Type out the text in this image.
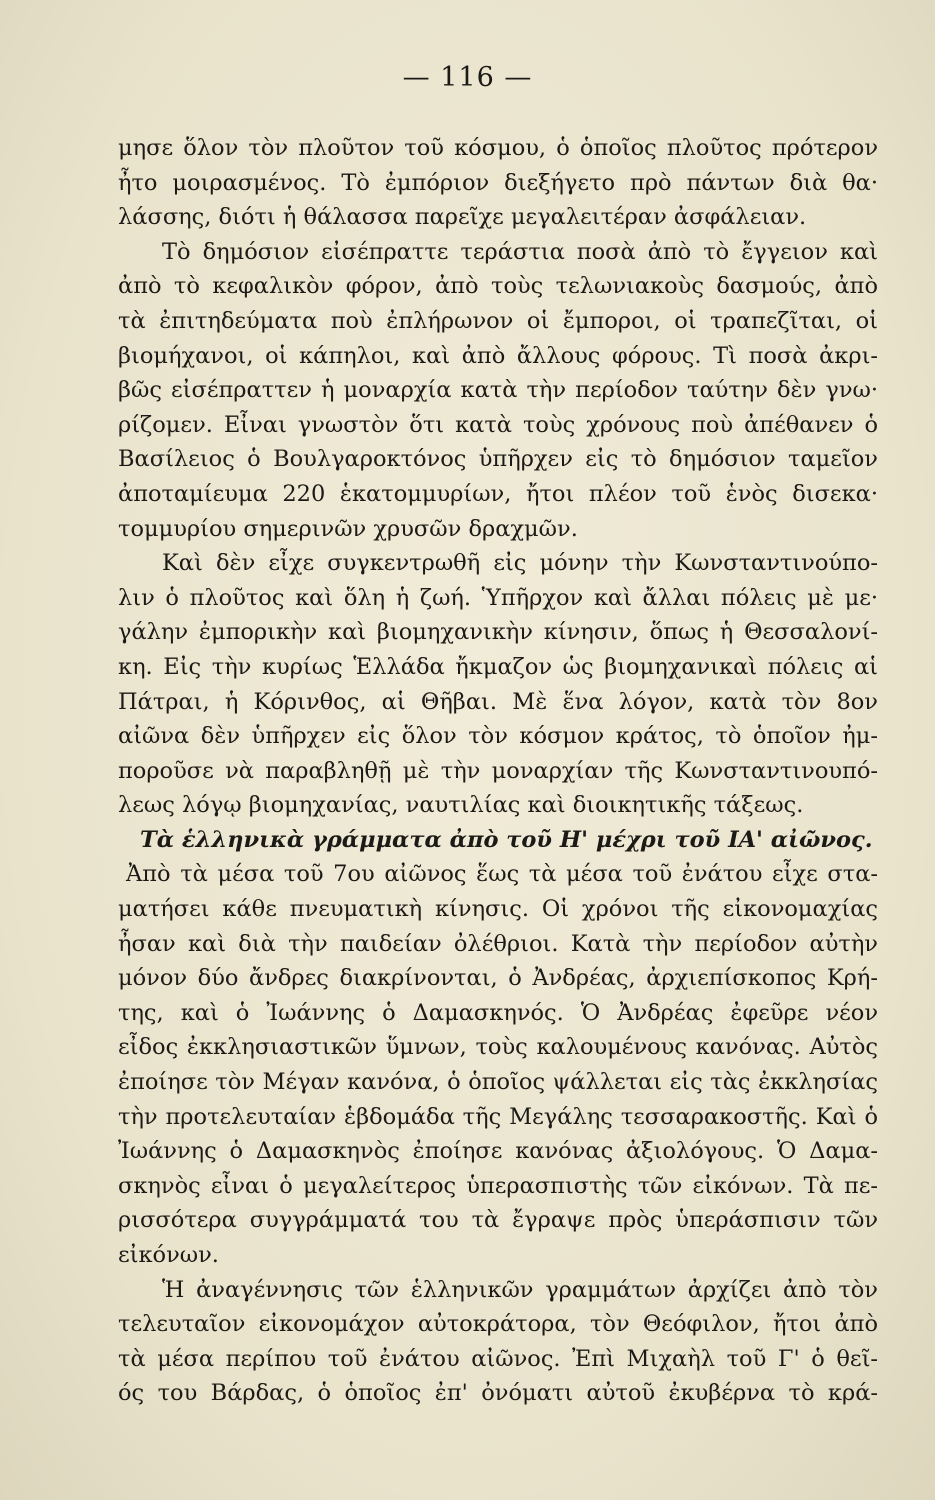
— 116 —
μησε ὅλον τὸν πλοῦτον τοῦ κόσμου, ὁ ὁποῖος πλοῦτος πρότερον
ἦτο μοιρασμένος. Τὸ ἐμπόριον διεξήγετο πρὸ πάντων διὰ θα·
λάσσης, διότι ἡ θάλασσα παρεῖχε μεγαλειτέραν ἀσφάλειαν.
Τὸ δημόσιον εἰσέπραττε τεράστια ποσὰ ἀπὸ τὸ ἔγγειον καὶ
ἀπὸ τὸ κεφαλικὸν φόρον, ἀπὸ τοὺς τελωνιακοὺς δασμούς, ἀπὸ
τὰ ἐπιτηδεύματα ποὺ ἐπλήρωνον οἱ ἔμποροι, οἱ τραπεζῖται, οἱ
βιομήχανοι, οἱ κάπηλοι, καὶ ἀπὸ ἄλλους φόρους. Τὶ ποσὰ ἀκρι-
βῶς εἰσέπραττεν ἡ μοναρχία κατὰ τὴν περίοδον ταύτην δὲν γνω·
ρίζομεν. Εἶναι γνωστὸν ὅτι κατὰ τοὺς χρόνους ποὺ ἀπέθανεν ὁ
Βασίλειος ὁ Βουλγαροκτόνος ὑπῆρχεν εἰς τὸ δημόσιον ταμεῖον
ἀποταμίευμα 220 ἑκατομμυρίων, ἤτοι πλέον τοῦ ἑνὸς δισεκα·
τομμυρίου σημερινῶν χρυσῶν δραχμῶν.
Καὶ δὲν εἶχε συγκεντρωθῆ εἰς μόνην τὴν Κωνσταντινούπο-
λιν ὁ πλοῦτος καὶ ὅλη ἡ ζωή. Ὑπῆρχον καὶ ἄλλαι πόλεις μὲ με·
γάλην ἐμπορικὴν καὶ βιομηχανικὴν κίνησιν, ὅπως ἡ Θεσσαλονί-
κη. Εἰς τὴν κυρίως Ἑλλάδα ἤκμαζον ὡς βιομηχανικαὶ πόλεις αἱ
Πάτραι, ἡ Κόρινθος, αἱ Θῆβαι. Μὲ ἕνα λόγον, κατὰ τὸν 8ον
αἰῶνα δὲν ὑπῆρχεν εἰς ὅλον τὸν κόσμον κράτος, τὸ ὁποῖον ἠμ-
ποροῦσε νὰ παραβληθῇ μὲ τὴν μοναρχίαν τῆς Κωνσταντινουπό-
λεως λόγῳ βιομηχανίας, ναυτιλίας καὶ διοικητικῆς τάξεως.
Τὰ ἑλληνικὰ γράμματα ἀπὸ τοῦ Η' μέχρι τοῦ ΙΑ' αἰῶνος.
Ἀπὸ τὰ μέσα τοῦ 7ου αἰῶνος ἕως τὰ μέσα τοῦ ἐνάτου εἶχε στα-
ματήσει κάθε πνευματικὴ κίνησις. Οἱ χρόνοι τῆς εἰκονομαχίας
ἦσαν καὶ διὰ τὴν παιδείαν ὀλέθριοι. Κατὰ τὴν περίοδον αὐτὴν
μόνον δύο ἄνδρες διακρίνονται, ὁ Ἀνδρέας, ἀρχιεπίσκοπος Κρή-
της, καὶ ὁ Ἰωάννης ὁ Δαμασκηνός. Ὁ Ἀνδρέας ἐφεῦρε νέον
εἶδος ἐκκλησιαστικῶν ὕμνων, τοὺς καλουμένους κανόνας. Αὐτὸς
ἐποίησε τὸν Μέγαν κανόνα, ὁ ὁποῖος ψάλλεται εἰς τὰς ἐκκλησίας
τὴν προτελευταίαν ἑβδομάδα τῆς Μεγάλης τεσσαρακοστῆς. Καὶ ὁ
Ἰωάννης ὁ Δαμασκηνὸς ἐποίησε κανόνας ἀξιολόγους. Ὁ Δαμα-
σκηνὸς εἶναι ὁ μεγαλείτερος ὑπερασπιστὴς τῶν εἰκόνων. Τὰ πε-
ρισσότερα συγγράμματά του τὰ ἔγραψε πρὸς ὑπεράσπισιν τῶν
εἰκόνων.
Ἡ ἀναγέννησις τῶν ἑλληνικῶν γραμμάτων ἀρχίζει ἀπὸ τὸν
τελευταῖον εἰκονομάχον αὐτοκράτορα, τὸν Θεόφιλον, ἤτοι ἀπὸ
τὰ μέσα περίπου τοῦ ἐνάτου αἰῶνος. Ἐπὶ Μιχαὴλ τοῦ Γ' ὁ θεῖ-
ός του Βάρδας, ὁ ὁποῖος ἐπ' ὀνόματι αὐτοῦ ἐκυβέρνα τὸ κρά-
